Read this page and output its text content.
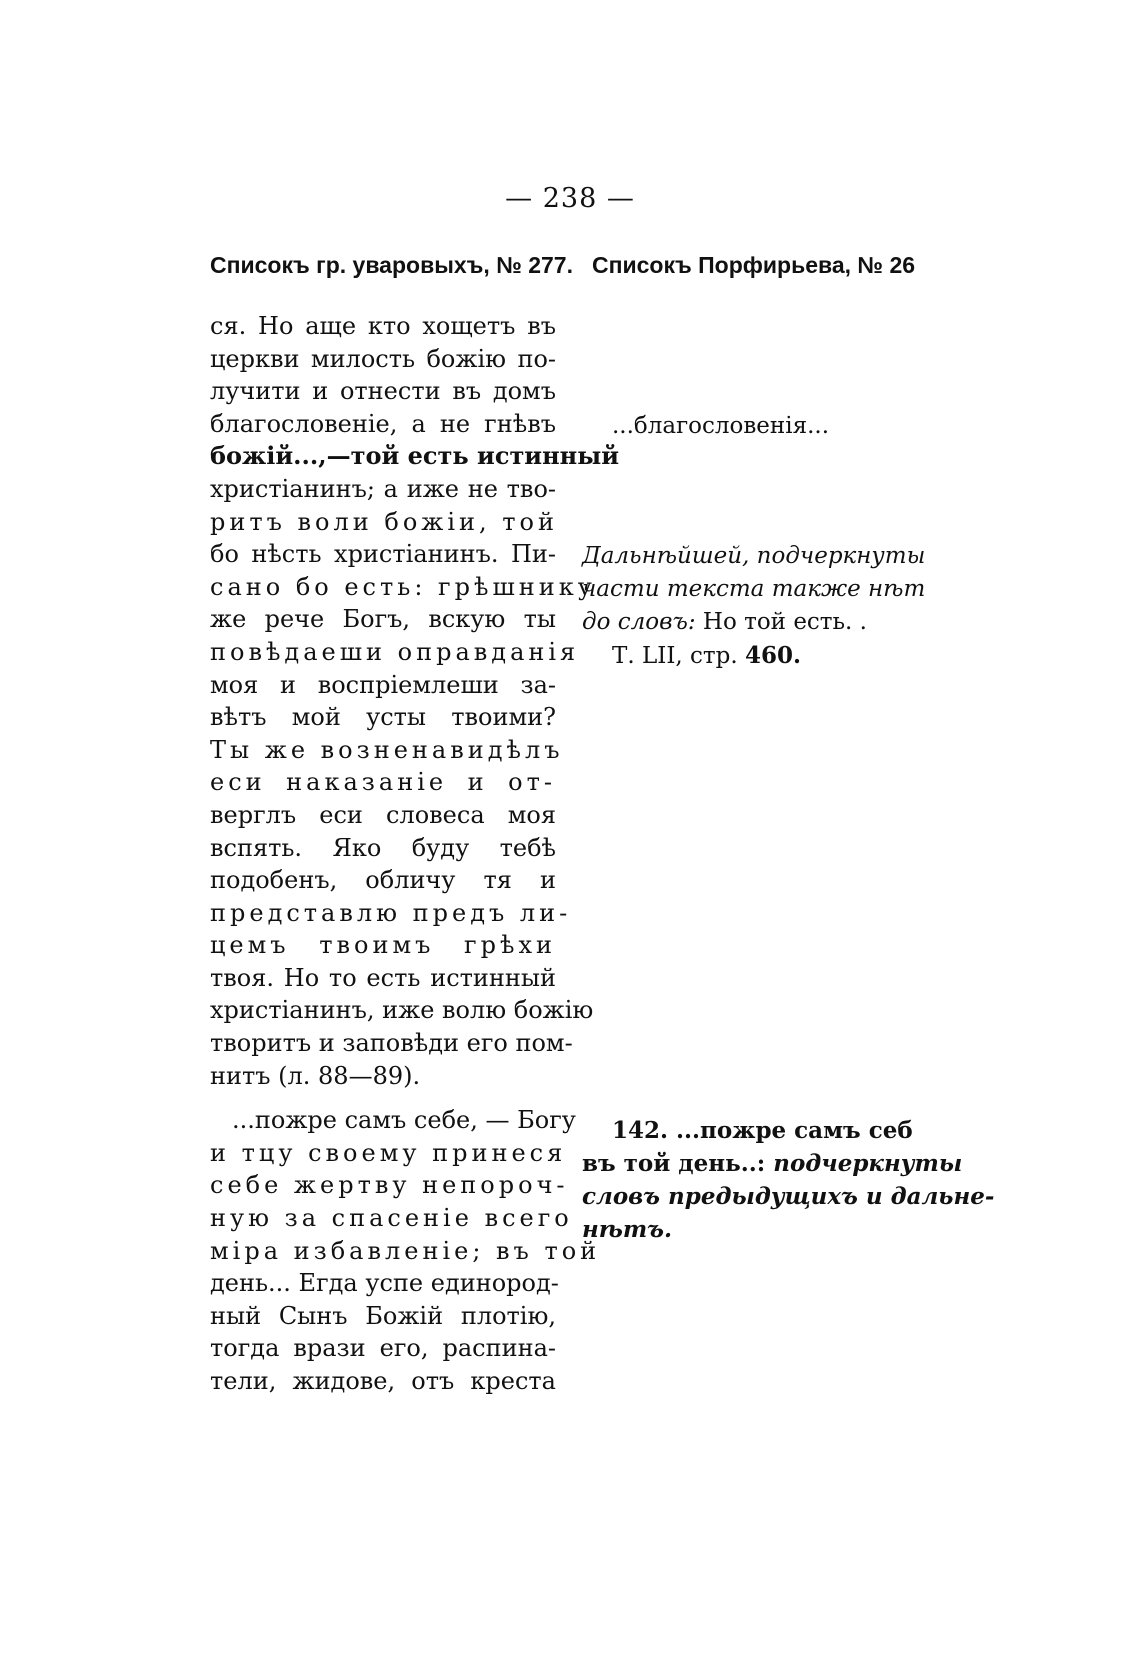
— 238 —
Списокъ гр. уваровыхъ, № 277. Списокъ Порфирьева, № 26
ся. Но аще кто хощетъ въ
церкви милость божiю по-
лучити и отнести въ домъ
благословенiе, а не гнѣвъ
божiй...,—той есть истинный
христiанинъ; а иже не тво-
ритъ воли божiи, той
бо нѣсть христiанинъ. Пи-
сано бо есть: грѣшнику
же рече Богъ, вскую ты
повѣдаеши оправданiя
моя и воспрiемлеши за-
вѣтъ мой усты твоими?
Ты же возненавидѣлъ
еси наказанiе и от-
верглъ еси словеса моя
вспять. Яко буду тебѣ
подобенъ, обличу тя и
представлю предъ ли-
цемъ твоимъ грѣхи
твоя. Но то есть истинный
христiанинъ, иже волю божiю
творитъ и заповѣди его пом-
нитъ (л. 88—89).
...пожре самъ себе, — Богу
и тцу своему принеся
себе жертву непороч-
ную за спасенiе всего
мiра избавленiе; въ той
день... Егда успе единород-
ный Сынъ Божiй плотiю,
тогда врази его, распина-
тели, жидове, отъ креста
...благословенiя...
Дальнѣйшей, подчеркнуты
части текста также нѣт
до словъ: Но той есть. .
Т. LII, стр. 460.
142. ...пожре самъ себ
въ той день..: подчеркнуты
словъ предыдущихъ и дальне-
нѣтъ.
